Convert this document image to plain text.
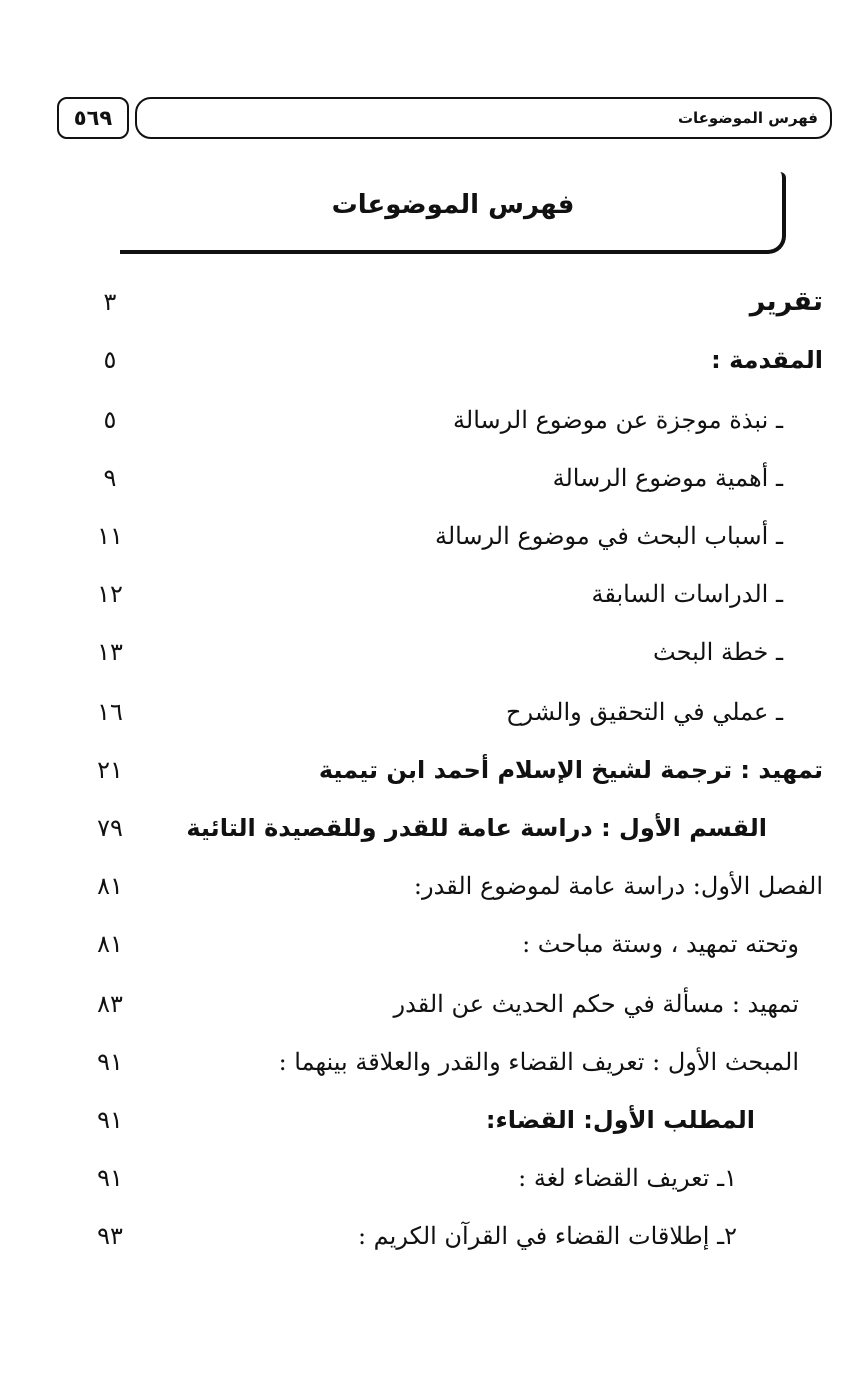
٥٦٩	فهرس الموضوعات
فهرس الموضوعات
تقرير
٣
المقدمة :
٥
ـ نبذة موجزة عن موضوع الرسالة
٥
ـ أهمية موضوع الرسالة
٩
ـ أسباب البحث في موضوع الرسالة
١١
ـ الدراسات السابقة
١٢
ـ خطة البحث
١٣
ـ عملي في التحقيق والشرح
١٦
تمهيد : ترجمة لشيخ الإسلام أحمد ابن تيمية
٢١
القسم الأول : دراسة عامة للقدر وللقصيدة التائية
٧٩
الفصل الأول: دراسة عامة لموضوع القدر:
٨١
وتحته تمهيد ، وستة مباحث :
٨١
تمهيد : مسألة في حكم الحديث عن القدر
٨٣
المبحث الأول : تعريف القضاء والقدر والعلاقة بينهما :
٩١
المطلب الأول: القضاء:
٩١
١ـ تعريف القضاء لغة :
٩١
٢ـ إطلاقات القضاء في القرآن الكريم :
٩٣
